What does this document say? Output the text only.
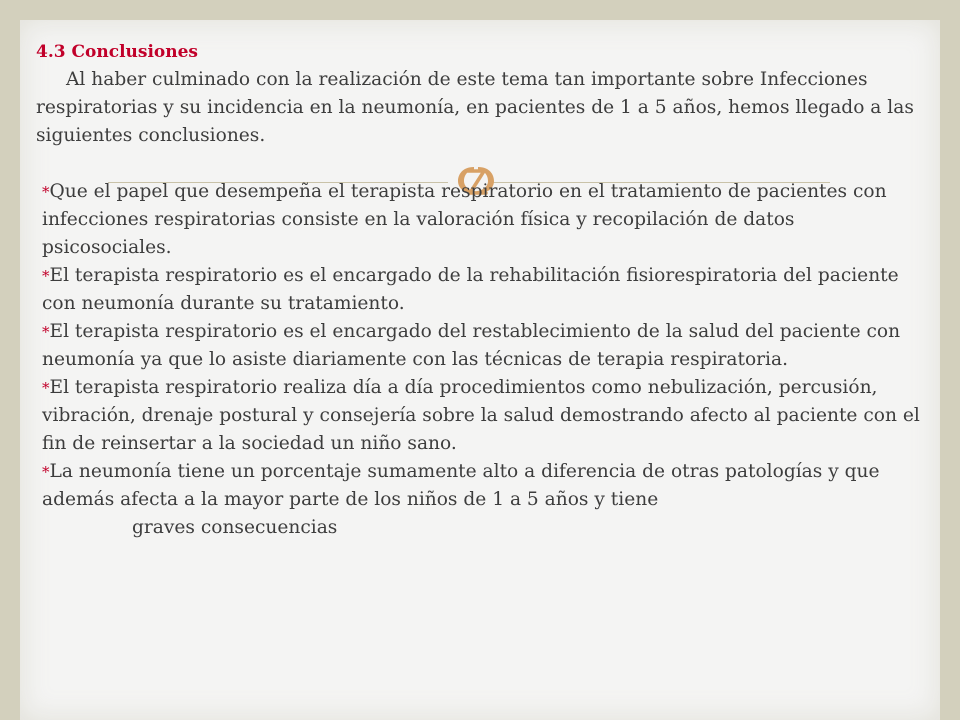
4.3 Conclusiones
Al haber culminado con la realización de este tema tan importante sobre Infecciones respiratorias y su incidencia en la neumonía, en pacientes de 1 a 5 años, hemos llegado a las siguientes conclusiones.
*Que el papel que desempeña el terapista respiratorio en el tratamiento de pacientes con infecciones respiratorias consiste en la valoración física y recopilación de datos psicosociales.
*El terapista respiratorio es el encargado de la rehabilitación fisiorespiratoria del paciente con neumonía durante su tratamiento.
*El terapista respiratorio es el encargado del restablecimiento de la salud del paciente con neumonía ya que lo asiste diariamente con las técnicas de terapia respiratoria.
*El terapista respiratorio realiza día a día procedimientos como nebulización, percusión, vibración, drenaje postural y consejería sobre la salud demostrando afecto al paciente con el fin de reinsertar a la sociedad un niño sano.
*La neumonía tiene un porcentaje sumamente alto a diferencia de otras patologías y que además afecta a la mayor parte de los niños de 1 a 5 años y tiene
graves consecuencias
